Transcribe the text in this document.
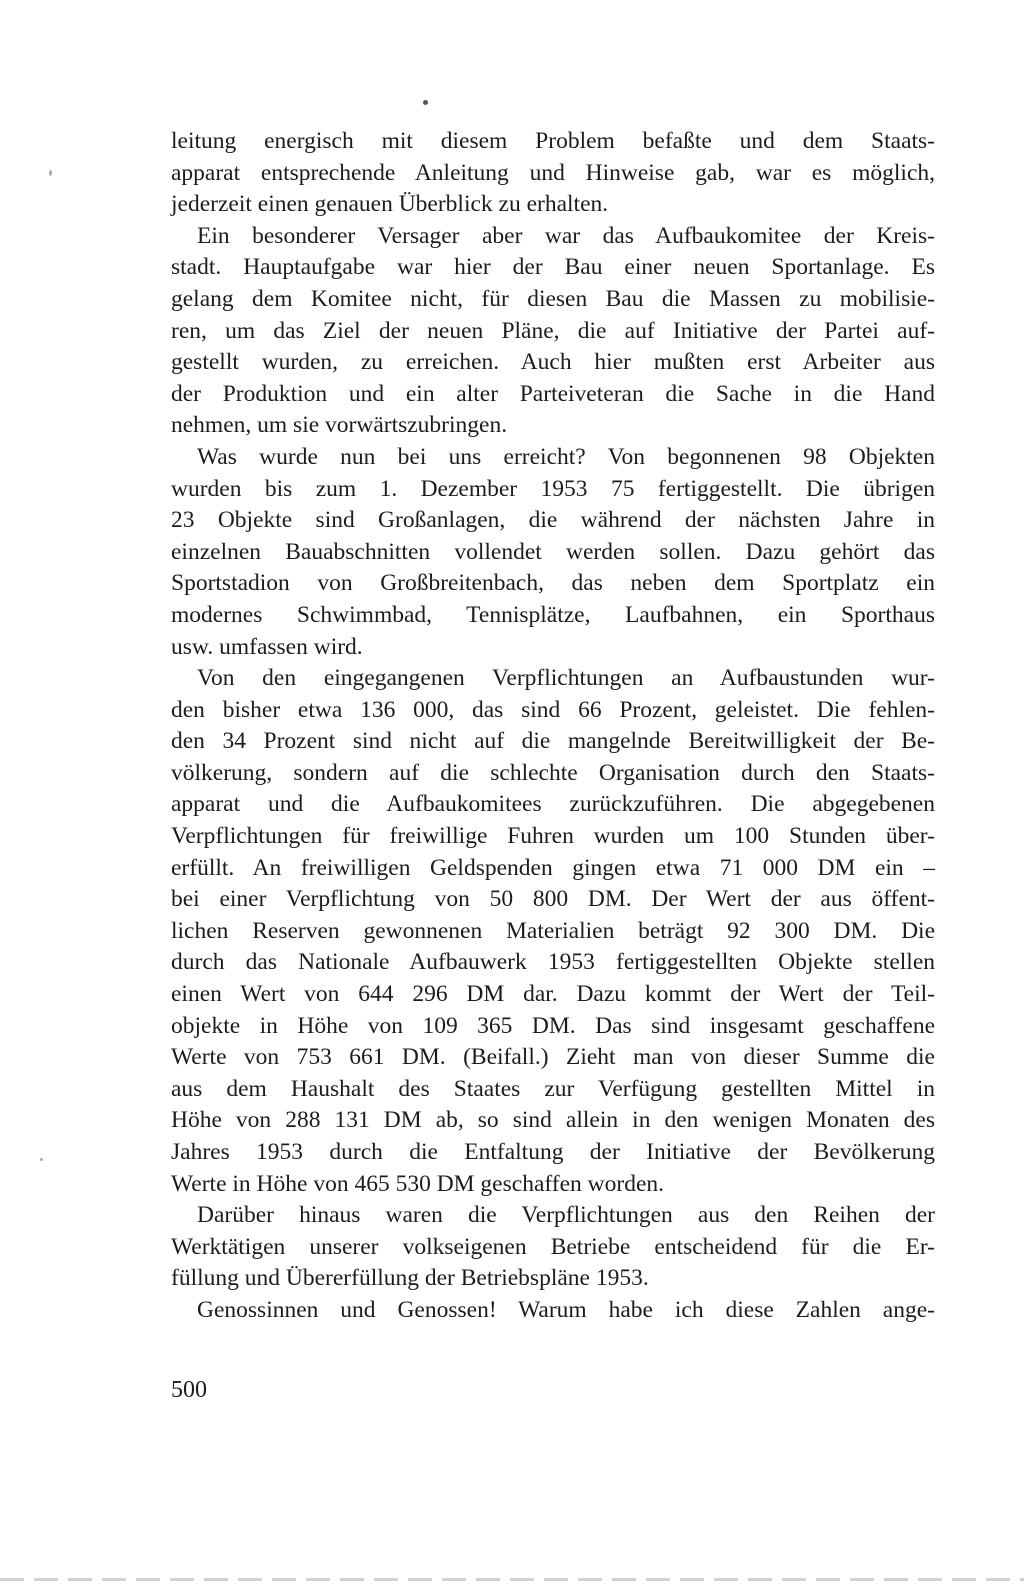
leitung energisch mit diesem Problem befaßte und dem Staats-
apparat entsprechende Anleitung und Hinweise gab, war es möglich,
jederzeit einen genauen Überblick zu erhalten.
Ein besonderer Versager aber war das Aufbaukomitee der Kreis-
stadt. Hauptaufgabe war hier der Bau einer neuen Sportanlage. Es
gelang dem Komitee nicht, für diesen Bau die Massen zu mobilisie-
ren, um das Ziel der neuen Pläne, die auf Initiative der Partei auf-
gestellt wurden, zu erreichen. Auch hier mußten erst Arbeiter aus
der Produktion und ein alter Parteiveteran die Sache in die Hand
nehmen, um sie vorwärtszubringen.
Was wurde nun bei uns erreicht? Von begonnenen 98 Objekten
wurden bis zum 1. Dezember 1953 75 fertiggestellt. Die übrigen
23 Objekte sind Großanlagen, die während der nächsten Jahre in
einzelnen Bauabschnitten vollendet werden sollen. Dazu gehört das
Sportstadion von Großbreitenbach, das neben dem Sportplatz ein
modernes Schwimmbad, Tennisplätze, Laufbahnen, ein Sporthaus
usw. umfassen wird.
Von den eingegangenen Verpflichtungen an Aufbaustunden wur-
den bisher etwa 136 000, das sind 66 Prozent, geleistet. Die fehlen-
den 34 Prozent sind nicht auf die mangelnde Bereitwilligkeit der Be-
völkerung, sondern auf die schlechte Organisation durch den Staats-
apparat und die Aufbaukomitees zurückzuführen. Die abgegebenen
Verpflichtungen für freiwillige Fuhren wurden um 100 Stunden über-
erfüllt. An freiwilligen Geldspenden gingen etwa 71 000 DM ein –
bei einer Verpflichtung von 50 800 DM. Der Wert der aus öffent-
lichen Reserven gewonnenen Materialien beträgt 92 300 DM. Die
durch das Nationale Aufbauwerk 1953 fertiggestellten Objekte stellen
einen Wert von 644 296 DM dar. Dazu kommt der Wert der Teil-
objekte in Höhe von 109 365 DM. Das sind insgesamt geschaffene
Werte von 753 661 DM. (Beifall.) Zieht man von dieser Summe die
aus dem Haushalt des Staates zur Verfügung gestellten Mittel in
Höhe von 288 131 DM ab, so sind allein in den wenigen Monaten des
Jahres 1953 durch die Entfaltung der Initiative der Bevölkerung
Werte in Höhe von 465 530 DM geschaffen worden.
Darüber hinaus waren die Verpflichtungen aus den Reihen der
Werktätigen unserer volkseigenen Betriebe entscheidend für die Er-
füllung und Übererfüllung der Betriebspläne 1953.
Genossinnen und Genossen! Warum habe ich diese Zahlen ange-
500
